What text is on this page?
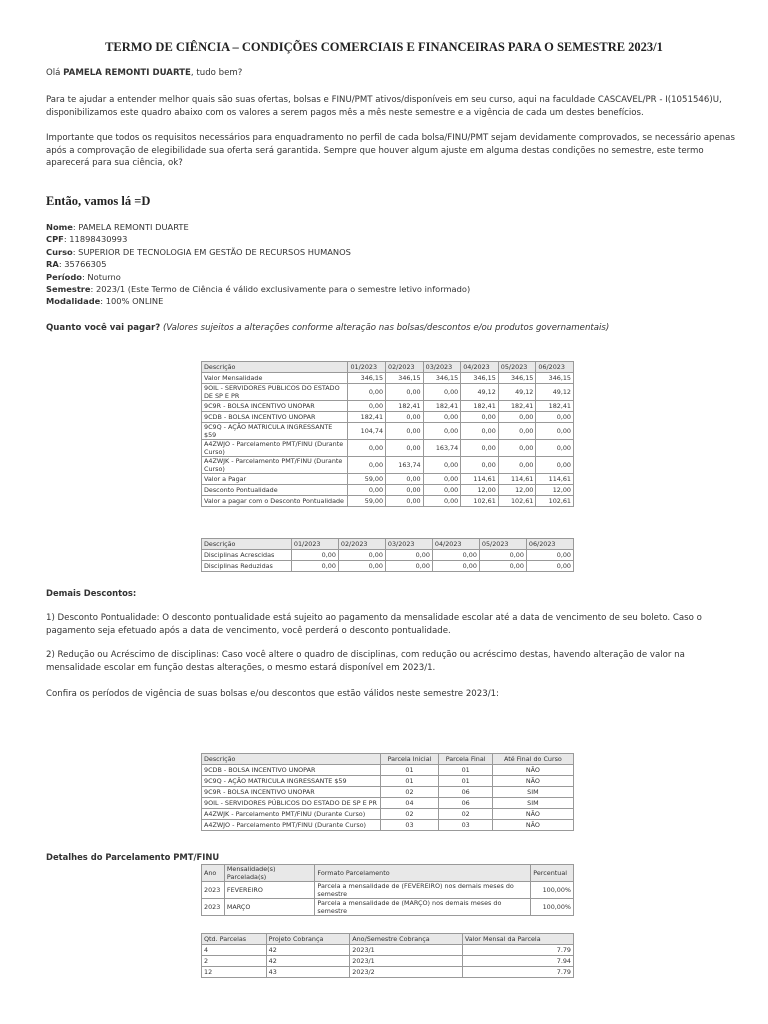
TERMO DE CIÊNCIA – CONDIÇÕES COMERCIAIS E FINANCEIRAS PARA O SEMESTRE 2023/1
Olá PAMELA REMONTI DUARTE, tudo bem?
Para te ajudar a entender melhor quais são suas ofertas, bolsas e FINU/PMT ativos/disponíveis em seu curso, aqui na faculdade CASCAVEL/PR - I(1051546)U, disponibilizamos este quadro abaixo com os valores a serem pagos mês a mês neste semestre e a vigência de cada um destes benefícios.
Importante que todos os requisitos necessários para enquadramento no perfil de cada bolsa/FINU/PMT sejam devidamente comprovados, se necessário apenas após a comprovação de elegibilidade sua oferta será garantida. Sempre que houver algum ajuste em alguma destas condições no semestre, este termo aparecerá para sua ciência, ok?
Então, vamos lá =D
Nome: PAMELA REMONTI DUARTE
CPF: 11898430993
Curso: SUPERIOR DE TECNOLOGIA EM GESTÃO DE RECURSOS HUMANOS
RA: 35766305
Período: Noturno
Semestre: 2023/1 (Este Termo de Ciência é válido exclusivamente para o semestre letivo informado)
Modalidade: 100% ONLINE
Quanto você vai pagar? (Valores sujeitos a alterações conforme alteração nas bolsas/descontos e/ou produtos governamentais)
Descrição	01/2023	02/2023	03/2023	04/2023	05/2023	06/2023
Valor Mensalidade	346,15	346,15	346,15	346,15	346,15	346,15
9OIL - SERVIDORES PUBLICOS DO ESTADO DE SP E PR	0,00	0,00	0,00	49,12	49,12	49,12
9C9R - BOLSA INCENTIVO UNOPAR	0,00	182,41	182,41	182,41	182,41	182,41
9CDB - BOLSA INCENTIVO UNOPAR	182,41	0,00	0,00	0,00	0,00	0,00
9C9Q - AÇÃO MATRICULA INGRESSANTE $59	104,74	0,00	0,00	0,00	0,00	0,00
A4ZWJO - Parcelamento PMT/FINU (Durante Curso)	0,00	0,00	163,74	0,00	0,00	0,00
A4ZWJK - Parcelamento PMT/FINU (Durante Curso)	0,00	163,74	0,00	0,00	0,00	0,00
Valor a Pagar	59,00	0,00	0,00	114,61	114,61	114,61
Desconto Pontualidade	0,00	0,00	0,00	12,00	12,00	12,00
Valor a pagar com o Desconto Pontualidade	59,00	0,00	0,00	102,61	102,61	102,61
Descrição	01/2023	02/2023	03/2023	04/2023	05/2023	06/2023
Disciplinas Acrescidas	0,00	0,00	0,00	0,00	0,00	0,00
Disciplinas Reduzidas	0,00	0,00	0,00	0,00	0,00	0,00
Demais Descontos:
1) Desconto Pontualidade: O desconto pontualidade está sujeito ao pagamento da mensalidade escolar até a data de vencimento de seu boleto. Caso o pagamento seja efetuado após a data de vencimento, você perderá o desconto pontualidade.
2) Redução ou Acréscimo de disciplinas: Caso você altere o quadro de disciplinas, com redução ou acréscimo destas, havendo alteração de valor na mensalidade escolar em função destas alterações, o mesmo estará disponível em 2023/1.
Confira os períodos de vigência de suas bolsas e/ou descontos que estão válidos neste semestre 2023/1:
Descrição	Parcela Inicial	Parcela Final	Até Final do Curso
9CDB - BOLSA INCENTIVO UNOPAR	01	01	NÃO
9C9Q - AÇÃO MATRICULA INGRESSANTE $59	01	01	NÃO
9C9R - BOLSA INCENTIVO UNOPAR	02	06	SIM
9OIL - SERVIDORES PÚBLICOS DO ESTADO DE SP E PR	04	06	SIM
A4ZWJK - Parcelamento PMT/FINU (Durante Curso)	02	02	NÃO
A4ZWJO - Parcelamento PMT/FINU (Durante Curso)	03	03	NÃO
Detalhes do Parcelamento PMT/FINU
Ano	Mensalidade(s) Parcelada(s)	Formato Parcelamento	Percentual
2023	FEVEREIRO	Parcela a mensalidade de (FEVEREIRO) nos demais meses do semestre	100,00%
2023	MARÇO	Parcela a mensalidade de (MARÇO) nos demais meses do semestre	100,00%
Qtd. Parcelas	Projeto Cobrança	Ano/Semestre Cobrança	Valor Mensal da Parcela
4	42	2023/1	7.79
2	42	2023/1	7.94
12	43	2023/2	7.79
